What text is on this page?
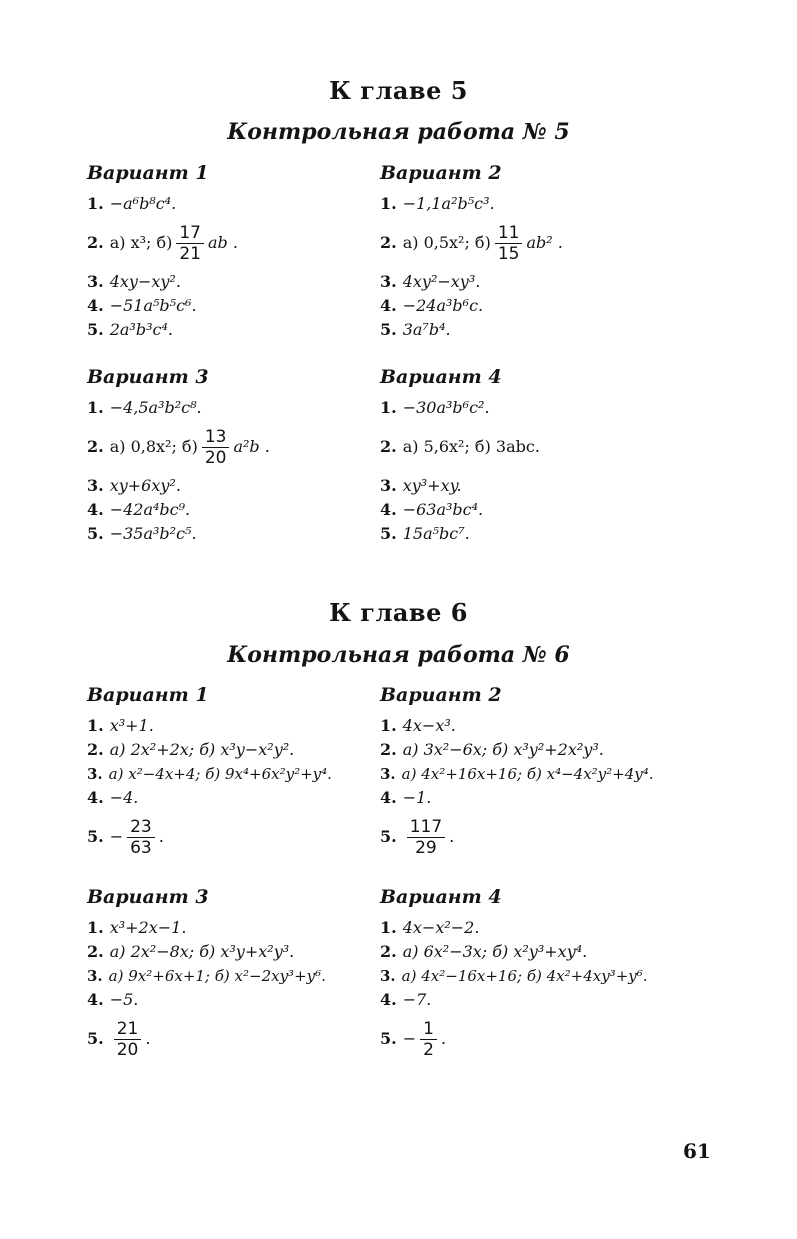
К главе 5
Контрольная работа № 5
Вариант 1
1. −a⁶b⁸c⁴.
2. а) x³; $б) \frac{17}{21}$ ab .
3. 4xy−xy².
4. −51a⁵b⁵c⁶.
5. 2a³b³c⁴.
Вариант 2
1. −1,1a²b⁵c³.
2. а) 0,5x²; $б) \frac{11}{15} ab^2$ .
3. 4xy²−xy³.
4. −24a³b⁶c.
5. 3a⁷b⁴.
Вариант 3
1. −4,5a³b²c⁸.
2. а) 0,8x²; $б) \frac{13}{20} a^2b$ .
3. xy+6xy².
4. −42a⁴bc⁹.
5. −35a³b²c⁵.
Вариант 4
1. −30a³b⁶c².
2. а) 5,6x²; б) 3abc.
3. xy³+xy.
4. −63a³bc⁴.
5. 15a⁵bc⁷.
К главе 6
Контрольная работа № 6
Вариант 1
1. x³+1.
2. а) 2x²+2x; б) x³y−x²y².
3. а) x²−4x+4; б) 9x⁴+6x²y²+y⁴.
4. −4.
5. − $\frac{23}{63}$ .
Вариант 2
1. 4x−x³.
2. а) 3x²−6x; б) x³y²+2x²y³.
3. а) 4x²+16x+16; б) x⁴−4x²y²+4y⁴.
4. −1.
5. $\frac{117}{29}$ .
Вариант 3
1. x³+2x−1.
2. а) 2x²−8x; б) x³y+x²y³.
3. а) 9x²+6x+1; б) x²−2xy³+y⁶.
4. −5.
5. $\frac{21}{20}$ .
Вариант 4
1. 4x−x²−2.
2. а) 6x²−3x; б) x²y³+xy⁴.
3. а) 4x²−16x+16; б) 4x²+4xy³+y⁶.
4. −7.
5. − $\frac{1}{2}$ .
61
